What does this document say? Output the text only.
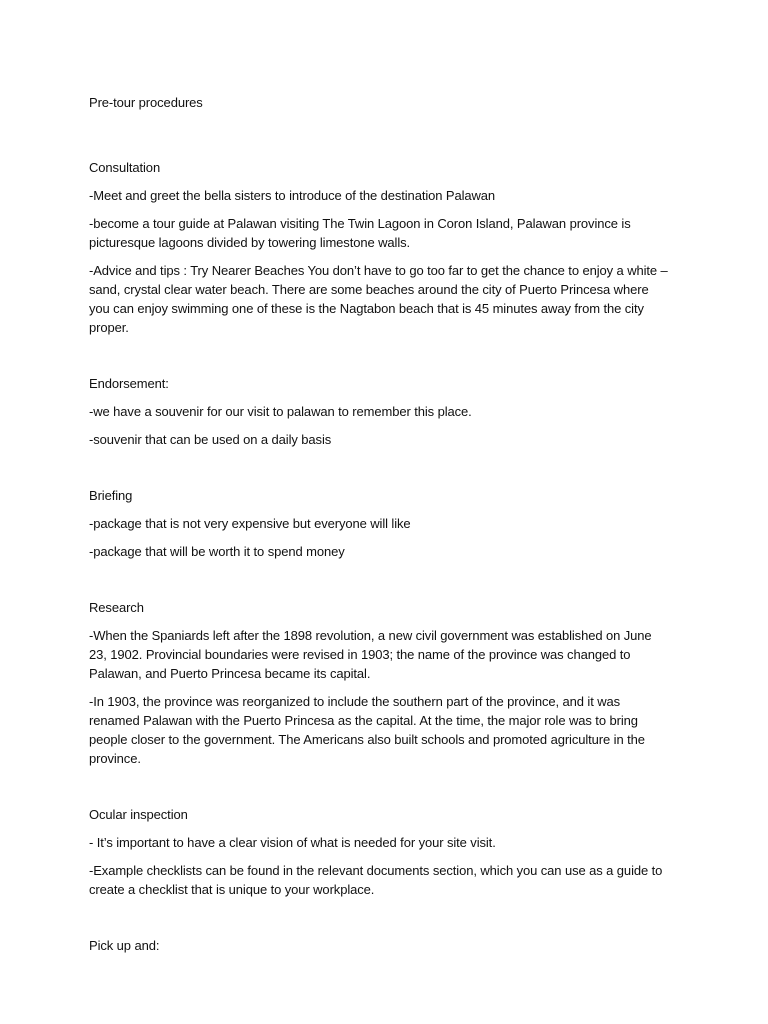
Pre-tour procedures

Consultation

-Meet and greet the bella sisters to introduce of the destination Palawan

-become a tour guide at Palawan visiting The Twin Lagoon in Coron Island, Palawan province is picturesque lagoons divided by towering limestone walls.

-Advice and tips : Try Nearer Beaches You don’t have to go too far to get the chance to enjoy a white – sand, crystal clear water beach. There are some beaches around the city of Puerto Princesa where you can enjoy swimming one of these is the Nagtabon beach that is 45 minutes away from the city proper.

Endorsement:

-we have a souvenir for our visit to palawan to remember this place.

-souvenir that can be used on a daily basis

Briefing

-package that is not very expensive but everyone will like

-package that will be worth it to spend money

Research

-When the Spaniards left after the 1898 revolution, a new civil government was established on June 23, 1902. Provincial boundaries were revised in 1903; the name of the province was changed to Palawan, and Puerto Princesa became its capital.

-In 1903, the province was reorganized to include the southern part of the province, and it was renamed Palawan with the Puerto Princesa as the capital. At the time, the major role was to bring people closer to the government. The Americans also built schools and promoted agriculture in the province.

Ocular inspection

- It’s important to have a clear vision of what is needed for your site visit.

-Example checklists can be found in the relevant documents section, which you can use as a guide to create a checklist that is unique to your workplace.

Pick up and:
